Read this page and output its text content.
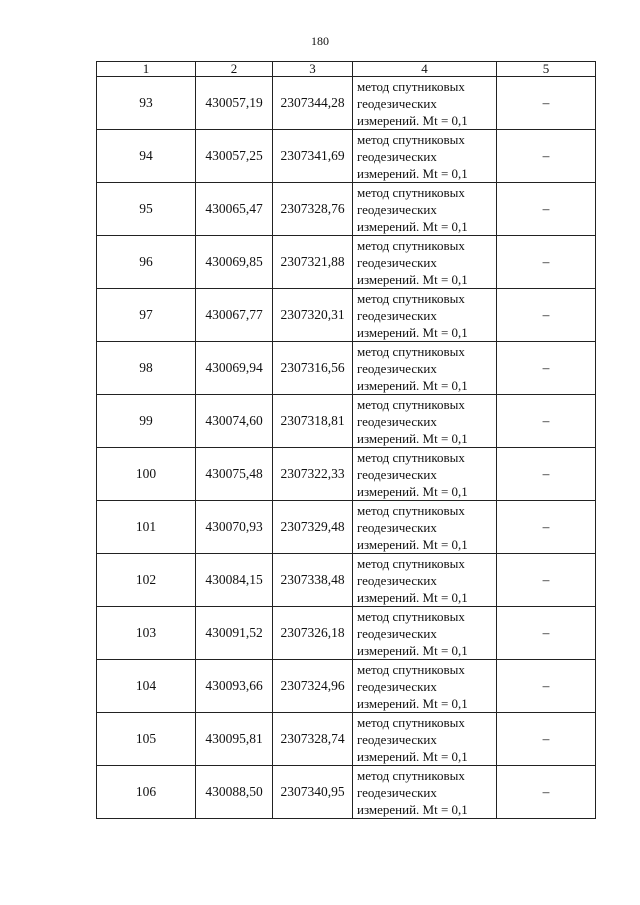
180
1	2	3	4	5
93	430057,19	2307344,28	метод спутниковых
геодезических
измерений. Mt = 0,1	–
94	430057,25	2307341,69	метод спутниковых
геодезических
измерений. Mt = 0,1	–
95	430065,47	2307328,76	метод спутниковых
геодезических
измерений. Mt = 0,1	–
96	430069,85	2307321,88	метод спутниковых
геодезических
измерений. Mt = 0,1	–
97	430067,77	2307320,31	метод спутниковых
геодезических
измерений. Mt = 0,1	–
98	430069,94	2307316,56	метод спутниковых
геодезических
измерений. Mt = 0,1	–
99	430074,60	2307318,81	метод спутниковых
геодезических
измерений. Mt = 0,1	–
100	430075,48	2307322,33	метод спутниковых
геодезических
измерений. Mt = 0,1	–
101	430070,93	2307329,48	метод спутниковых
геодезических
измерений. Mt = 0,1	–
102	430084,15	2307338,48	метод спутниковых
геодезических
измерений. Mt = 0,1	–
103	430091,52	2307326,18	метод спутниковых
геодезических
измерений. Mt = 0,1	–
104	430093,66	2307324,96	метод спутниковых
геодезических
измерений. Mt = 0,1	–
105	430095,81	2307328,74	метод спутниковых
геодезических
измерений. Mt = 0,1	–
106	430088,50	2307340,95	метод спутниковых
геодезических
измерений. Mt = 0,1	–
